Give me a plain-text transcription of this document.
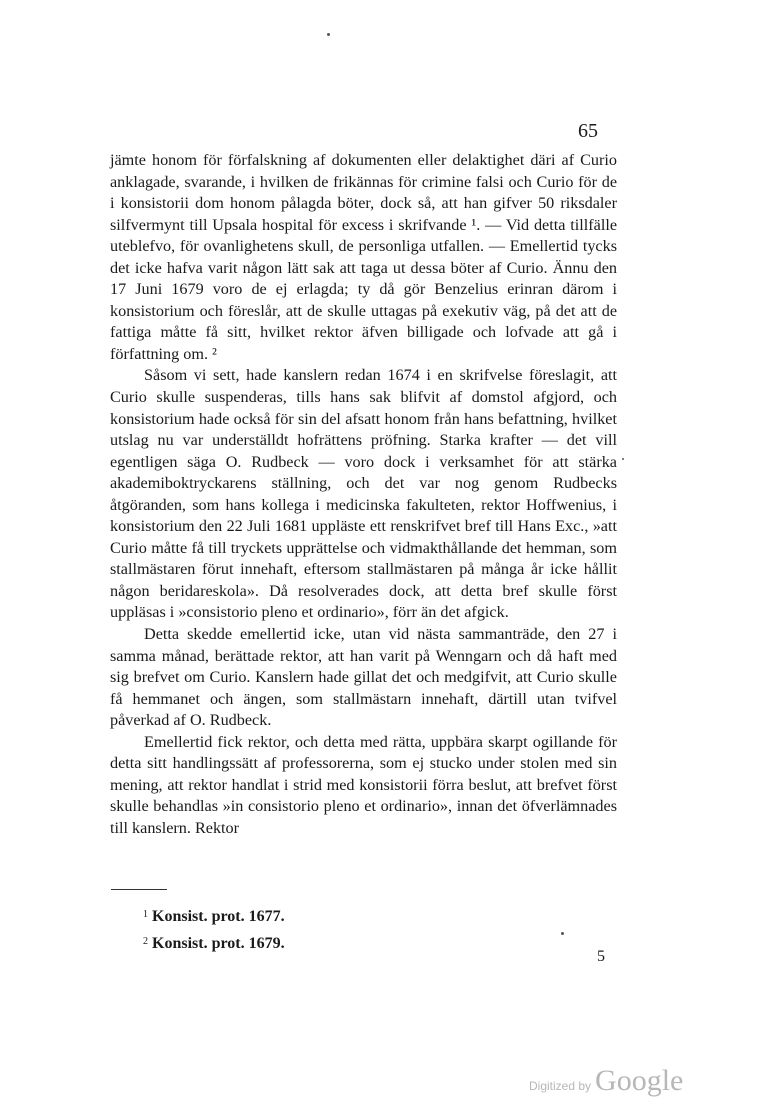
65

jämte honom för förfalskning af dokumenten eller delaktighet däri af Curio anklagade, svarande, i hvilken de frikännas för crimine falsi och Curio för de i konsistorii dom honom pålagda böter, dock så, att han gifver 50 riksdaler silfvermynt till Upsala hospital för excess i skrifvande ¹. — Vid detta tillfälle uteblefvo, för ovanlighetens skull, de personliga utfallen. — Emellertid tycks det icke hafva varit någon lätt sak att taga ut dessa böter af Curio. Ännu den 17 Juni 1679 voro de ej erlagda; ty då gör Benzelius erinran därom i konsistorium och föreslår, att de skulle uttagas på exekutiv väg, på det att de fattiga måtte få sitt, hvilket rektor äfven billigade och lofvade att gå i författning om. ²

Såsom vi sett, hade kanslern redan 1674 i en skrifvelse föreslagit, att Curio skulle suspenderas, tills hans sak blifvit af domstol afgjord, och konsistorium hade också för sin del afsatt honom från hans befattning, hvilket utslag nu var underställdt hofrättens pröfning. Starka krafter — det vill egentligen säga O. Rudbeck — voro dock i verksamhet för att stärka akademiboktryckarens ställning, och det var nog genom Rudbecks åtgöranden, som hans kollega i medicinska fakulteten, rektor Hoffwenius, i konsistorium den 22 Juli 1681 uppläste ett renskrifvet bref till Hans Exc., »att Curio måtte få till tryckets upprättelse och vidmakthållande det hemman, som stallmästaren förut innehaft, eftersom stallmästaren på många år icke hållit någon beridareskola». Då resolverades dock, att detta bref skulle först uppläsas i »consistorio pleno et ordinario», förr än det afgick.

Detta skedde emellertid icke, utan vid nästa sammanträde, den 27 i samma månad, berättade rektor, att han varit på Wenngarn och då haft med sig brefvet om Curio. Kanslern hade gillat det och medgifvit, att Curio skulle få hemmanet och ängen, som stallmästarn innehaft, därtill utan tvifvel påverkad af O. Rudbeck.

Emellertid fick rektor, och detta med rätta, uppbära skarpt ogillande för detta sitt handlingssätt af professorerna, som ej stucko under stolen med sin mening, att rektor handlat i strid med konsistorii förra beslut, att brefvet först skulle behandlas »in consistorio pleno et ordinario», innan det öfverlämnades till kanslern. Rektor

$^1$ Konsist. prot. 1677.
$^2$ Konsist. prot. 1679.
5
Digitized by Google
